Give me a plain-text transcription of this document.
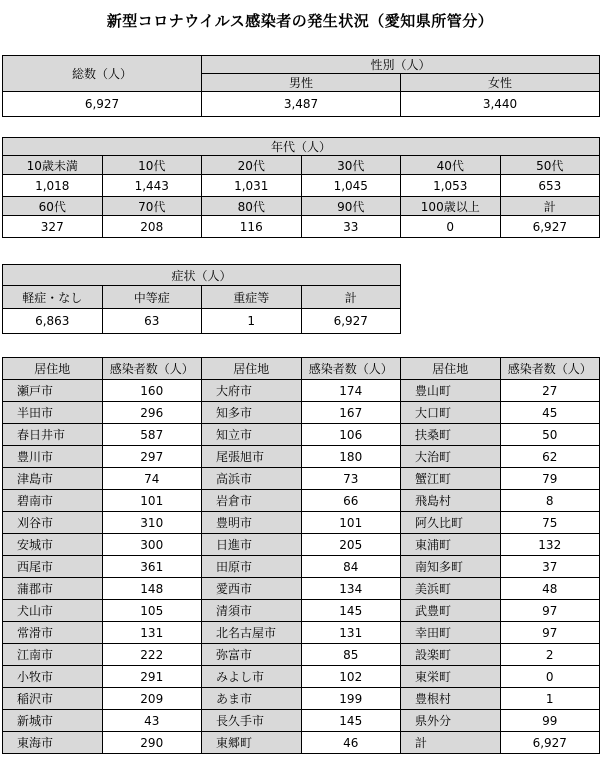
新型コロナウイルス感染者の発生状況（愛知県所管分）
総数（人）	性別（人）	
	男性	女性
6,927	3,487	3,440
年代（人）					
10歳未満	10代	20代	30代	40代	50代
1,018	1,443	1,031	1,045	1,053	653
60代	70代	80代	90代	100歳以上	計
327	208	116	33	0	6,927
症状（人）			
軽症・なし	中等症	重症等	計
6,863	63	1	6,927
居住地	感染者数（人）	居住地	感染者数（人）	居住地	感染者数（人）
瀬戸市	160	大府市	174	豊山町	27
半田市	296	知多市	167	大口町	45
春日井市	587	知立市	106	扶桑町	50
豊川市	297	尾張旭市	180	大治町	62
津島市	74	高浜市	73	蟹江町	79
碧南市	101	岩倉市	66	飛島村	8
刈谷市	310	豊明市	101	阿久比町	75
安城市	300	日進市	205	東浦町	132
西尾市	361	田原市	84	南知多町	37
蒲郡市	148	愛西市	134	美浜町	48
犬山市	105	清須市	145	武豊町	97
常滑市	131	北名古屋市	131	幸田町	97
江南市	222	弥富市	85	設楽町	2
小牧市	291	みよし市	102	東栄町	0
稲沢市	209	あま市	199	豊根村	1
新城市	43	長久手市	145	県外分	99
東海市	290	東郷町	46	計	6,927
